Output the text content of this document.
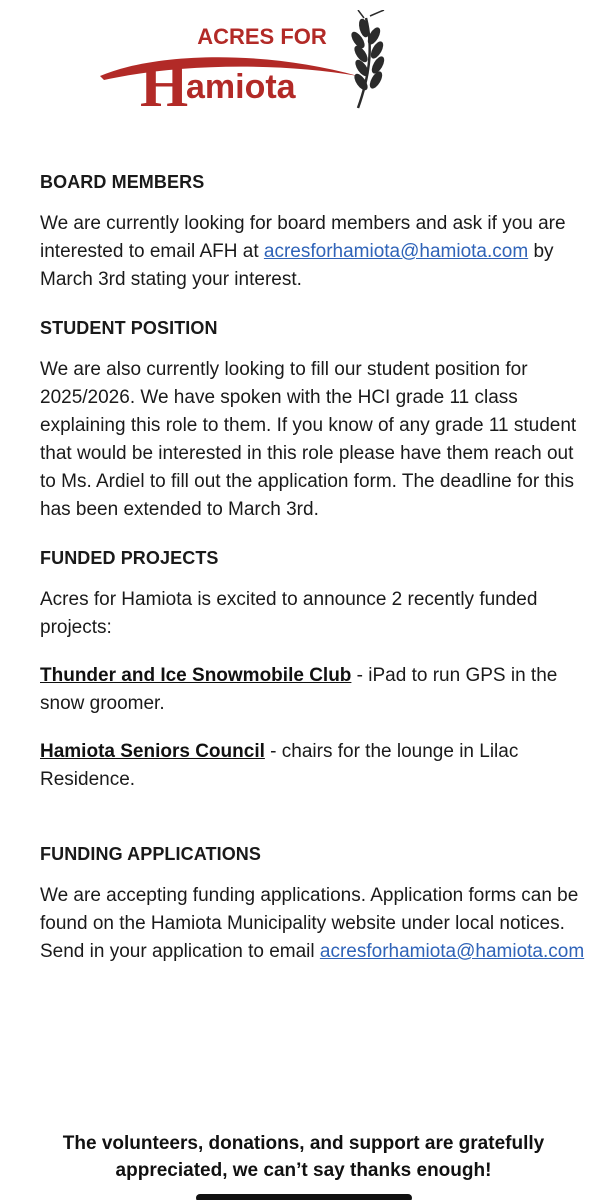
ACRES FOR
H
amiota
BOARD MEMBERS
We are currently looking for board members and ask if you are interested to email AFH at acresforhamiota@hamiota.com by March 3rd stating your interest.
STUDENT POSITION
We are also currently looking to fill our student position for 2025/2026. We have spoken with the HCI grade 11 class explaining this role to them. If you know of any grade 11 student that would be interested in this role please have them reach out to Ms. Ardiel to fill out the application form. The deadline for this has been extended to March 3rd.
FUNDED PROJECTS
Acres for Hamiota is excited to announce 2 recently funded projects:
Thunder and Ice Snowmobile Club - iPad to run GPS in the snow groomer.
Hamiota Seniors Council - chairs for the lounge in Lilac Residence.
FUNDING APPLICATIONS
We are accepting funding applications. Application forms can be found on the Hamiota Municipality website under local notices. Send in your application to email acresforhamiota@hamiota.com
The volunteers, donations, and support are gratefully appreciated, we can’t say thanks enough!
